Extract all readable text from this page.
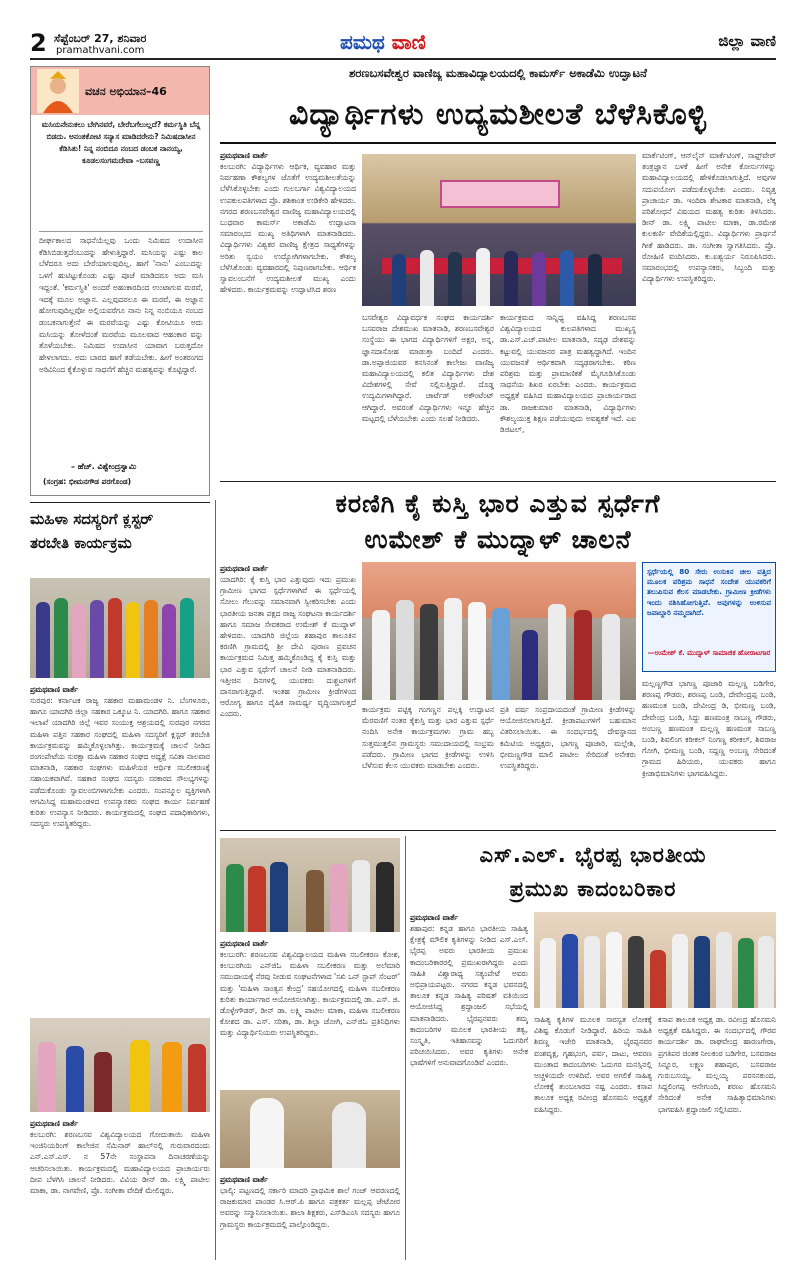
2 ಸೆಪ್ಟೆಂಬರ್ 27, ಶನಿವಾರ
pramathvani.com	ಪಮಥ ವಾಣಿ	ಜಿಲ್ಲಾ ವಾಣಿ
ವಚನ ಅಭಿಯಾನ–46
ಮಸಿಯನೇನುಕಲು ಬೇಗಿನವರೆ, ಬೇರೆಬಗೆಲುಲ್ಲದೆ? ಕರ್ಮಸ್ಥಿತಿ ಬೆನ್ನ ಬಿಡದು. ಅನಂತಕೋಟಿ ಸನ್ಯಾಸ ಮಾಡಿದರೇನು? ನಿಮಿಷದಾಸೀನ ಕೆಡಿಸಿತು! ನಿನ್ನ ನಂಬಿದೂ ನಂಬದ ಡಂಬಕ ನಾನಯ್ಯ, ಕೂಡಲಸಂಗಮದೇವಾ –ಬಸವಣ್ಣ
ದೀರ್ಘಕಾಲದ ಸಾಧನೆಯೆಲ್ಲವು ಒಂದು ನಿಮಿಷದ ಉದಾಸೀನ ಕೆಡಿಸಿಬಿಡುತ್ತದೆಂಬುದನ್ನು ಹೇಳುತ್ತಿದ್ದಾರೆ. ಮಸಿಯನ್ನು ಎಷ್ಟು ಕಾಲ ಬೆಳೆದರೂ ಅದು ಬೇರೆಯಾಗುವುದಿಲ್ಲ. ಹಾಗೆ 'ನಾನು' ಎಂಬುದನ್ನು ಒಳಗೆ ಹುಟಿಟ್ಟುಕೊಂಡು ಎಷ್ಟು ಪೂಜೆ ಮಾಡಿದರೂ ಅದು ಮಸಿ ಇದ್ದಂತೆ. 'ಕರ್ಮಸ್ಥಿತಿ' ಅಂದರೆ ಅಹಂಕಾರದಿಂದ ಉಂಟಾಗುವ ಮರವೆ, ಇದಕ್ಕೆ ಮೂಲ ಅಜ್ಞಾನ. ಎಲ್ಲವುದರಲೂ ಈ ಮರವೆ, ಈ ಅಜ್ಞಾನ ಹೋಗುವುದಿಲ್ಲವೋ ಅಲ್ಲಿಯವರೆಗೂ ನಾನು ನಿನ್ನ ನಂಬಿಯೂ ನಂಬದ ಡಂಬಕನಾಗುತ್ತೇನೆ ಈ ಮರವೆಯನ್ನು ಎಷ್ಟು ಕೋಟಿಯೂ ಅದು ಮಸಿಯನ್ನು ತೋಳೆದಂತೆ ಮರವೆಯ ಮೂಲವಾದ ಆಹಂಕಾರ ವನ್ನು ತೊಳೆಯಬೇಕು. ನಿಮಿಷದ ಉದಾಸೀನ ಯಾವಾಗ ಬರುತ್ತದೋ ಹೇಳಲಾಗದು. ಅದು ಬಾರದ ಹಾಗೆ ತಡೆಯಬೇಕು. ಹೀಗೆ ಅಂತರಂಗದ ಅರಿವಿನಿಂದ ಕೈಕೊಳ್ಳುವ ಸಾಧನೆಗೆ ಹೆಚ್ಚಿನ ಮಹತ್ವವನ್ನು ಕೊಟ್ಟಿದ್ದಾರೆ.
– ಹೆಚ್. ವಿಶ್ವೇಂದ್ರಸ್ವಾಮಿ
(ಸಂಗ್ರಹ: ಭೀಮನಗೌಡ ಪರಗೊಂಡ)
ಶರಣಬಸವೇಶ್ವರ ವಾಣಿಜ್ಯ ಮಹಾವಿದ್ಯಾಲಯದಲ್ಲಿ ಕಾಮರ್ಸ್ ಅಕಾಡೆಮಿ ಉದ್ಘಾಟನೆ
ವಿದ್ಯಾರ್ಥಿಗಳು ಉದ್ಯಮಶೀಲತೆ ಬೆಳೆಸಿಕೊಳ್ಳಿ
ಪ್ರಮಥವಾಣಿ ವಾರ್ತೆ
ಕಲಬುರಗಿ: ವಿದ್ಯಾರ್ಥಿಗಳು ಆರ್ಥಿಕ, ವ್ಯವಹಾರ ಮತ್ತು ನಿರ್ವಹಣಾ ಕೌಶಲ್ಯಗಳ ಜೊತೆಗೆ ಉದ್ಯಮಶೀಲತೆಯನ್ನು ಬೆಳೆಸಿಕೊಳ್ಳಬೇಕು ಎಂದು ಗುಲಬರ್ಗಾ ವಿಶ್ವವಿದ್ಯಾಲಯದ ಉಪಕುಲಪತಿಗಳಾದ ಪ್ರೊ. ಶಶಿಕಾಂತ ಉಡಿಕೇರಿ ಹೇಳಿದರು. ನಗರದ ಶರಣಬಸವೇಶ್ವರ ವಾಣಿಜ್ಯ ಮಹಾವಿದ್ಯಾಲಯದಲ್ಲಿ ಬುಧವಾರ ಕಾಮರ್ಸ್ ಅಕಾಡೆಮಿ ಉದ್ಘಾಟನಾ ಸಮಾರಂಭದ ಮುಖ್ಯ ಅತಿಥಿಗಳಾಗಿ ಮಾತನಾಡಿದರು. ವಿದ್ಯಾರ್ಥಿಗಳು ವಿಶ್ವಕರ ವಾಣಿಜ್ಯ ಕ್ಷೇತ್ರದ ಸಾಧ್ಯತೆಗಳನ್ನು ಅರಿತು ಸ್ವಯಂ ಉದ್ಯೋಗಿಗಳಾಗಬೇಕು. ಕೌಶಲ್ಯ ಬೆಳೆಸಿಕೊಂಡು ವ್ಯವಹಾರದಲ್ಲಿ ನಿಪುಣರಾಗಬೇಕು. ಆರ್ಥಿಕ ಸ್ವಾವಲಂಬನೆಗೆ ಉದ್ಯಮಶೀಲತೆ ಮುಖ್ಯ ಎಂದು ಹೇಳಿದರು. ಕಾರ್ಯಕ್ರಮವನ್ನು ಉದ್ಘಾಟಿಸಿದ ಶರಣ
ಬಸವೇಶ್ವರ ವಿದ್ಯಾವರ್ಧಕ ಸಂಘದ ಕಾರ್ಯದರ್ಶಿ ಬಸವರಾಜ ದೇಶಮುಖ ಮಾತನಾಡಿ, ಶರಣಬಸವೇಶ್ವರ ಸಂಸ್ಥೆಯು ಈ ಭಾಗದ ವಿದ್ಯಾರ್ಥಿಗಳಿಗೆ ಅಕ್ಷರ, ಅನ್ನ, ಜ್ಞಾನದಾಸೋಹ ಮಾಡುತ್ತಾ ಬಂದಿದೆ ಎಂದರು. ಡಾ.ಅಪ್ಪಾಜಿಯವರ ಕನಸಿನಂತೆ ಕಾಲೇಜು ವಾಣಿಜ್ಯ ಮಹಾವಿದ್ಯಾಲಯದಲ್ಲಿ ಕಲಿತ ವಿದ್ಯಾರ್ಥಿಗಳು ದೇಶ ವಿದೇಶಗಳಲ್ಲಿ ಸೇವೆ ಸಲ್ಲಿಸುತ್ತಿದ್ದಾರೆ. ದೊಡ್ಡ ಉದ್ಯಮಿಗಳಾಗಿದ್ದಾರೆ. ಚಾರ್ಟೆಡ್ ಅಕೌಂಟೆಂಟ್ ಆಗಿದ್ದಾರೆ. ಅವರಂತೆ ವಿದ್ಯಾರ್ಥಿಗಳು ಇನ್ನೂ ಹೆಚ್ಚಿನ ಮಟ್ಟದಲ್ಲಿ ಬೆಳೆಯಬೇಕು ಎಂದು ಸಲಹೆ ನೀಡಿದರು.
ಕಾರ್ಯಕ್ರಮದ ಸಾನ್ನಿಧ್ಯ ವಹಿಸಿದ್ದ ಶರಣಬಸವ ವಿಶ್ವವಿದ್ಯಾಲಯದ ಕುಲಪತಿಗಳಾದ ಮುಖ್ಯಸ್ಥ ಡಾ.ಎಸ್.ಎಚ್.ಪಾಟೀಲ ಮಾತನಾಡಿ, ಸದೃಢ ದೇಶವನ್ನು ಕಟ್ಟುವಲ್ಲಿ ಯುವಜನರ ಪಾತ್ರ ಮಹತ್ವದ್ದಾಗಿದೆ. ಇಂದಿನ ಯುವಜನತೆ ಆರ್ಥಿಕವಾಗಿ ಸದೃಢರಾಗಬೇಕು. ಕಠಿಣ ಪರಿಶ್ರಮ ಮತ್ತು ಪ್ರಾಮಾಣಿಕತೆ ಮೈಗೂಡಿಸಿಕೊಂಡು ಸಾಧನೆಯ ಶಿಖರ ಏರಬೇಕು ಎಂದರು. ಕಾರ್ಯಕ್ರಮದ ಅಧ್ಯಕ್ಷತೆ ವಹಿಸಿದ ಮಹಾವಿದ್ಯಾಲಯದ ಪ್ರಾಚಾರ್ಯರಾದ ಡಾ. ರಾಜಕುಮಾರ ಮಾತನಾಡಿ, ವಿದ್ಯಾರ್ಥಿಗಳು ಕೌಶಲ್ಯಯುಕ್ತ ಶಿಕ್ಷಣ ಪಡೆಯುವುದು ಅವಶ್ಯಕತೆ ಇದೆ. ಎಐ ಡಿಜಿಟಲ್,
ಮಾರ್ಕೆಟಿಂಗ್, ಆನ್‌ಲೈನ್ ಮಾರ್ಕೆಟಿಂಗ್, ಸಾಫ್ಟ್‌ವೇರ್ ತಂತ್ರಜ್ಞಾನ ಬಳಕೆ ಹೀಗೆ ಅನೇಕ ಕೋರ್ಸುಗಳನ್ನು ಮಹಾವಿದ್ಯಾಲಯದಲ್ಲಿ ಹೇಳಿಕೊಡಲಾಗುತ್ತಿದೆ. ಅವುಗಳ ಸದುಪಯೋಗ ಪಡೆದುಕೊಳ್ಳಬೇಕು ಎಂದರು. ನಿವೃತ್ತ ಪ್ರಾಚಾರ್ಯ ಡಾ. ಇಂದಿರಾ ಶೇಟಕಾರ ಮಾತನಾಡಿ, ಲೆಕ್ಕ ಪರಿಶೋಧನೆ ವಿಷಯದ ಮಹತ್ವ ಕುರಿತು ತಿಳಿಸಿದರು. ಡೀನ್ ಡಾ. ಲಕ್ಷ್ಮಿ ಪಾಟೀಲ ಮಾಕಾ, ಡಾ.ರಮೇಶ ಕುಲಕರ್ಣಿ ವೇದಿಕೆಯಲ್ಲಿದ್ದರು. ವಿದ್ಯಾರ್ಥಿಗಳು ಪ್ರಾರ್ಥನೆ ಗೀತೆ ಹಾಡಿದರು. ಡಾ. ಸಂಗೀತಾ ಸ್ವಾಗತಿಸಿದರು. ಪ್ರೊ. ರೋಹಿಣಿ ವಂದಿಸಿದರು. ಕು.ಐಶ್ವರ್ಯ ನಿರೂಪಿಸಿದರು. ಸಮಾರಂಭದಲ್ಲಿ ಉಪನ್ಯಾಸಕರು, ಸಿಬ್ಬಂದಿ ಮತ್ತು ವಿದ್ಯಾರ್ಥಿಗಳು ಉಪಸ್ಥಿತರಿದ್ದರು.
ಕರಣಿಗಿ ಕೈ ಕುಸ್ತಿ ಭಾರ ಎತ್ತುವ ಸ್ಪರ್ಧೆಗೆ
ಉಮೇಶ್ ಕೆ ಮುದ್ನಾಳ್ ಚಾಲನೆ
ಪ್ರಮಥವಾಣಿ ವಾರ್ತೆ
ಯಾದಗಿರಿ: ಕೈ ಕುಸ್ತಿ ಭಾರ ಎತ್ತುವುದು ಇದು ಪ್ರಮುಖ ಗ್ರಾಮೀಣ ಭಾಗದ ಸ್ಪರ್ಧೆಗಳಾಗಿವೆ ಈ ಸ್ಪರ್ಧೆಯಲ್ಲಿ ಸೋಲು ಗೆಲುವನ್ನು ಸಮಾನವಾಗಿ ಸ್ವೀಕರಿಸಬೇಕು ಎಂದು ಭಾರತೀಯ ಜನತಾ ಪಕ್ಷದ ರಾಜ್ಯ ಸಂಘಟನಾ ಕಾರ್ಯದರ್ಶಿ ಹಾಗೂ ಸಮಾಜ ಸೇವಕರಾದ ಉಮೇಶ್ ಕೆ ಮುದ್ನಾಳ್ ಹೇಳಿದರು. ಯಾದಗಿರಿ ಜಿಲ್ಲೆಯ ಶಹಾಪುರ ತಾಲೂಕಿನ ಕರಣಿಗಿ ಗ್ರಾಮದಲ್ಲಿ ಶ್ರೀ ದೇವಿ ಪುರಾಣ ಪ್ರವಚನ ಕಾರ್ಯಕ್ರಮದ ನಿಮಿತ್ತ ಹಮ್ಮಿಕೊಂಡಿದ್ದ ಕೈ ಕುಸ್ತಿ ಮತ್ತು ಭಾರ ಎತ್ತುವ ಸ್ಪರ್ಧೆಗೆ ಚಾಲನೆ ನೀಡಿ ಮಾತನಾಡಿದರು. ಇತ್ತೀಚಿನ ದಿನಗಳಲ್ಲಿ ಯುವಕರು ದುಶ್ಚಟಗಳಿಗೆ ದಾಸರಾಗುತ್ತಿದ್ದಾರೆ. ಇಂತಹ ಗ್ರಾಮೀಣ ಕ್ರೀಡೆಗಳಿಂದ ಆರೋಗ್ಯ ಹಾಗೂ ದೈಹಿಕ ಸಾಮರ್ಥ್ಯ ವೃದ್ಧಿಯಾಗುತ್ತದೆ ಎಂದರು.
ಸ್ಪರ್ಧೆಯಲ್ಲಿ 80 ಸೇರು ಉಸುಕಿನ ಚೀಲ ವತ್ತಿದ ಮೂಲಕ ಪರಿಶ್ರಮ ಸಾಧನೆ ಸಂದೇಶ ಯುವಕರಿಗೆ ತಲುಪಿಸುವ ಕೆಲಸ ಮಾಡಬೇಕು. ಗ್ರಾಮೀಣ ಕ್ರೀಡೆಗಳು ಇಂದು ನಶಿಸಿಹೋಗುತ್ತಿವೆ. ಅವುಗಳನ್ನು ಉಳಿಸುವ ಜವಾಬ್ದಾರಿ ನಮ್ಮದಾಗಿದೆ.
—ಉಮೇಶ್ ಕೆ. ಮುದ್ನಾಳ್ ಸಾಮಾಜಿಕ ಹೋರಾಟಗಾರ
ಕಾರ್ಯಕ್ರಮ ಪಟ್ಟಿಕ್ಕ ಗಂಗಣ್ಣನ ಪಲ್ಲಕ್ಕಿ ಉದ್ಘಾಟನ ಮೆರವಣಿಗೆ ನಂತರ ಕೈಕುಸ್ತಿ ಮತ್ತು ಭಾರ ಎತ್ತುವ ಸ್ಪರ್ಧೆ ನಂದಿಸಿ ಅನೇಕ ಕಾರ್ಯಕ್ರಮಗಳು ಗ್ರಾಮ ಹಬ್ಬ ಸುತ್ತಮುತ್ತಲಿನ ಗ್ರಾಮಸ್ಥರು ಸಮುದಾಯದಲ್ಲಿ ಸಂಭ್ರಮ ಪಡೆದರು. ಗ್ರಾಮೀಣ ಭಾಗದ ಕ್ರೀಡೆಗಳನ್ನು ಉಳಿಸಿ ಬೆಳೆಸುವ ಕೆಲಸ ಯುವಕರು ಮಾಡಬೇಕು ಎಂದರು.
ಪ್ರತಿ ವರ್ಷ ಸಂಪ್ರದಾಯದಂತೆ ಗ್ರಾಮೀಣ ಕ್ರೀಡೆಗಳನ್ನು ಆಯೋಜಿಸಲಾಗುತ್ತಿದೆ. ಕ್ರೀಡಾಪಟುಗಳಿಗೆ ಬಹುಮಾನ ವಿತರಿಸಲಾಯಿತು. ಈ ಸಂದರ್ಭದಲ್ಲಿ ದೇವಸ್ಥಾನದ ಕಮಿಟಿಯ ಅಧ್ಯಕ್ಷರು, ಭಾಗಣ್ಣ ಪೂಜಾರಿ, ಮಲ್ಲೇಶಿ, ಭೀಮಣ್ಣಗೌಡ ಮಾಲಿ ಪಾಟೀಲ ಸೇರಿದಂತೆ ಅನೇಕರು ಉಪಸ್ಥಿತರಿದ್ದರು.
ಮಲ್ಲಣ್ಣಗೌಡ ಭಾಗಣ್ಣ ಪೂಜಾರಿ ಮಲ್ಲಣ್ಣ ಬಡಿಗೇರ, ಶರಣಪ್ಪ ಗೌಡರು, ಶರಣಪ್ಪ ಬಂಡಿ, ದೇವೇಂದ್ರಪ್ಪ ಬಂಡಿ, ಹಣಮಂತ ಬಂಡಿ, ದೇವೀಂದ್ರ ಡಿ, ಭೀಮಣ್ಣ ಬಂಡಿ, ದೇವೇಂದ್ರ ಬಂಡಿ, ಸಿದ್ದು ಹಣಮಂತ್ರ ಸಾಬಣ್ಣ ಗೌಡರು, ಅಂಬಣ್ಣ ಹಣಮಂತ ಮಲ್ಲಣ್ಣ ಹಣಮಂತ ಸಾಬಣ್ಣ ಬಂಡಿ, ಶಿವಲಿಂಗ ಕರೀಕಲ್ ನಿಂಗಣ್ಣ ಕರೀಕಲ್, ಶಿವರಾಜ ಗೋಗಿ, ಭೀಮಣ್ಣ ಬಂಡಿ, ಸದ್ದಣ್ಣ ಅಂಬಣ್ಣ ಸೇರಿದಂತೆ ಗ್ರಾಮದ ಹಿರಿಯರು, ಯುವಕರು ಹಾಗೂ ಕ್ರೀಡಾಭಿಮಾನಿಗಳು ಭಾಗವಹಿಸಿದ್ದರು.
ಮಹಿಳಾ ಸದಸ್ಯರಿಗೆ ಕ್ಲಸ್ಟರ್
ತರಬೇತಿ ಕಾರ್ಯಕ್ರಮ
ಪ್ರಮಥವಾಣಿ ವಾರ್ತೆ
ಸುರಪುರ: ಕರ್ನಾಟಕ ರಾಜ್ಯ ಸಹಕಾರ ಮಹಾಮಂಡಳ ನಿ. ಬೆಂಗಳೂರು, ಹಾಗೂ ಯಾದಗಿರಿ ಜಿಲ್ಲಾ ಸಹಕಾರ ಒಕ್ಕೂಟ ನಿ. ಯಾದಗಿರಿ. ಹಾಗೂ ಸಹಕಾರ ಇಲಾಖೆ ಯಾದಗಿರಿ ಜಿಲ್ಲೆ ಇವರ ಸಂಯುಕ್ತ ಆಶ್ರಯದಲ್ಲಿ ಸುರಪುರ ನಗರದ ಮಹಿಳಾ ಪತ್ತಿನ ಸಹಕಾರ ಸಂಘದಲ್ಲಿ ಮಹಿಳಾ ಸದಸ್ಯರಿಗೆ ಕ್ಲಸ್ಟರ್ ತರಬೇತಿ ಕಾರ್ಯಕ್ರಮವನ್ನು ಹಮ್ಮಿಕೊಳ್ಳಲಾಗಿತ್ತು. ಕಾರ್ಯಕ್ರಮಕ್ಕೆ ಚಾಲನೆ ನೀಡಿದ ರಂಗಂಪೇಟೆಯ ಸುರಕ್ಷಾ ಮಹಿಳಾ ಸಹಕಾರ ಸಂಘದ ಅಧ್ಯಕ್ಷೆ ಸವಿತಾ ನಾಲವಾರ ಮಾತನಾಡಿ, ಸಹಕಾರ ಸಂಘಗಳು ಮಹಿಳೆಯರ ಆರ್ಥಿಕ ಸಬಲೀಕರಣಕ್ಕೆ ಸಹಾಯಕವಾಗಿವೆ. ಸಹಕಾರ ಸಂಘದ ಸದಸ್ಯರು ಸರಕಾರದ ಸೌಲಭ್ಯಗಳನ್ನು ಪಡೆದುಕೊಂಡು ಸ್ವಾವಲಂಬಿಗಳಾಗಬೇಕು ಎಂದರು. ಸಂಪನ್ಮೂಲ ವ್ಯಕ್ತಿಗಳಾಗಿ ಆಗಮಿಸಿದ್ದ ಮಹಾಮಂಡಳದ ಉಪನ್ಯಾಸಕರು ಸಂಘದ ಕಾರ್ಯ ನಿರ್ವಹಣೆ ಕುರಿತು ಉಪನ್ಯಾಸ ನೀಡಿದರು. ಕಾರ್ಯಕ್ರಮದಲ್ಲಿ ಸಂಘದ ಪದಾಧಿಕಾರಿಗಳು, ಸದಸ್ಯರು ಉಪಸ್ಥಿತರಿದ್ದರು.
ಪ್ರಮಥವಾಣಿ ವಾರ್ತೆ
ಕಲಬುರಗಿ: ಶರಣಬಸವ ವಿಶ್ವವಿದ್ಯಾಲಯದ ಗೋದುತಾಯಿ ಮಹಿಳಾ ಇಂಜಿನಿಯರಿಂಗ್ ಕಾಲೇಜಿನ ಸೆಮಿನಾರ್ ಹಾಲ್‌ನಲ್ಲಿ ಗುರುವಾರದಂದು ಎನ್.ಎಸ್.ಎಸ್. ನ 57ನೇ ಸಂಸ್ಥಾಪನಾ ದಿನಾಚರಣೆಯನ್ನು ಆಚರಿಸಲಾಯಿತು. ಕಾರ್ಯಕ್ರಮದಲ್ಲಿ ಮಹಾವಿದ್ಯಾಲಯದ ಪ್ರಾಚಾರ್ಯರು ದೀಪ ಬೆಳಗಿಸಿ ಚಾಲನೆ ನೀಡಿದರು. ವಿವಿಯ ಡೀನ್ ಡಾ. ಲಕ್ಷ್ಮಿ ಪಾಟೀಲ ಮಾಕಾ, ಡಾ. ನಾಗವೇಣಿ, ಪ್ರೊ. ಸಂಗೀತಾ ವೇದಿಕೆ ಮೇಲಿದ್ದರು.
ಪ್ರಮಥವಾಣಿ ವಾರ್ತೆ
ಕಲಬುರಗಿ: ಶರಣಬಸವ ವಿಶ್ವವಿದ್ಯಾಲಯದ ಮಹಿಳಾ ಸಬಲೀಕರಣ ಕೋಶ, ಕಲಬುರಗಿಯ ಎನ್‌ಜಿಓ ಮಹಿಳಾ ಸಬಲೀಕರಣ ಮತ್ತು ಅಲೆಮಾರಿ ಸಮುದಾಯಕ್ಕೆ ನೆರವು ನೀಡುವ ಸಂಘಟನೆಗಳಾದ 'ಸಖಿ ಒನ್ ಸ್ಟಾಪ್ ಸೆಂಟರ್' ಮತ್ತು 'ಮಹಿಳಾ ಸಾಂತ್ವನ ಕೇಂದ್ರ' ಸಹಯೋಗದಲ್ಲಿ ಮಹಿಳಾ ಸಬಲೀಕರಣ ಕುರಿತು ಕಾರ್ಯಾಗಾರ ಆಯೋಜಿಸಲಾಗಿತ್ತು. ಕಾರ್ಯಕ್ರಮದಲ್ಲಿ ಡಾ. ಎಸ್. ಜಿ. ಡೊಳ್ಳೇಗೌಡರ್, ಡೀನ್ ಡಾ. ಲಕ್ಷ್ಮಿ ಪಾಟೀಲ ಮಾಕಾ, ಮಹಿಳಾ ಸಬಲೀಕರಣ ಕೋಶದ ಡಾ. ಎಸ್. ಸರಿತಾ, ಡಾ. ಶಿಲ್ಪಾ ಜೋಗಿ, ಎನ್‌ಜಿಓ ಪ್ರತಿನಿಧಿಗಳು ಮತ್ತು ವಿದ್ಯಾರ್ಥಿನಿಯರು ಉಪಸ್ಥಿತರಿದ್ದರು.
ಪ್ರಮಥವಾಣಿ ವಾರ್ತೆ
ಭಾಲ್ಕಿ: ಪಟ್ಟಣದಲ್ಲಿ ಸರ್ಕಾರಿ ಮಾದರಿ ಪ್ರಾಥಮಿಕ ಶಾಲೆ ಗಂಜ್ ಆವರಣದಲ್ಲಿ ರಾಜಕುಮಾರ ಪಾಂಡರ ಸಿ.ಆರ್.ಪಿ ಹಾಗೂ ಪತ್ರಕರ್ತ ಮಲ್ಲಪ್ಪ ಜೇಟೋರ ಅವರನ್ನು ಸನ್ಮಾನಿಸಲಾಯಿತು. ಶಾಲಾ ಶಿಕ್ಷಕರು, ಎಸ್‌ಡಿಎಂಸಿ ಸದಸ್ಯರು ಹಾಗೂ ಗ್ರಾಮಸ್ಥರು ಕಾರ್ಯಕ್ರಮದಲ್ಲಿ ಪಾಲ್ಗೊಂಡಿದ್ದರು.
ಎಸ್.ಎಲ್. ಭೈರಪ್ಪ ಭಾರತೀಯ
ಪ್ರಮುಖ ಕಾದಂಬರಿಕಾರ
ಪ್ರಮಥವಾಣಿ ವಾರ್ತೆ
ಶಹಾಪುರ: ಕನ್ನಡ ಹಾಗೂ ಭಾರತೀಯ ಸಾಹಿತ್ಯ ಕ್ಷೇತ್ರಕ್ಕೆ ಮೌಲಿಕ ಕೃತಿಗಳನ್ನು ನೀಡಿದ ಎಸ್.ಎಲ್. ಭೈರಪ್ಪ ಅವರು ಭಾರತೀಯ ಪ್ರಮುಖ ಕಾದಂಬರಿಕಾರರಲ್ಲಿ ಪ್ರಮುಖರಾಗಿದ್ದರು ಎಂದು ಸಾಹಿತಿ ವಿಶ್ವಾರಾಧ್ಯ ಸತ್ಯಂಪೇಟೆ ಅವರು ಅಭಿಪ್ರಾಯಪಟ್ಟರು. ನಗರದ ಕನ್ನಡ ಭವನದಲ್ಲಿ ತಾಲೂಕ ಕನ್ನಡ ಸಾಹಿತ್ಯ ಪರಿಷತ್ ವತಿಯಿಂದ ಆಯೋಜಿಸಿದ್ದ ಶ್ರದ್ಧಾಂಜಲಿ ಸಭೆಯಲ್ಲಿ ಮಾತನಾಡಿದರು. ಭೈರಪ್ಪನವರು ತಮ್ಮ ಕಾದಂಬರಿಗಳ ಮೂಲಕ ಭಾರತೀಯ ತತ್ವ, ಸಂಸ್ಕೃತಿ, ಇತಿಹಾಸವನ್ನು ಓದುಗರಿಗೆ ಪರಿಚಯಿಸಿದರು. ಅವರ ಕೃತಿಗಳು ಅನೇಕ ಭಾಷೆಗಳಿಗೆ ಅನುವಾದಗೊಂಡಿವೆ ಎಂದರು.
ಸಾಹಿತ್ಯ ಕೃತಿಗಳ ಮೂಲಕ ಸಾರಸ್ವತ ಲೋಕಕ್ಕೆ ವಿಶಿಷ್ಟ ಕೊಡುಗೆ ನೀಡಿದ್ದಾರೆ. ಹಿರಿಯ ಸಾಹಿತಿ ಶಿವಣ್ಣ ಇಜೇರಿ ಮಾತನಾಡಿ, ಭೈರಪ್ಪನವರ ವಂಶವೃಕ್ಷ, ಗೃಹಭಂಗ, ಪರ್ವ, ದಾಟು, ಆವರಣ ಮುಂತಾದ ಕಾದಂಬರಿಗಳು ಓದುಗರ ಮನಸ್ಸಿನಲ್ಲಿ ಅಚ್ಚಳಿಯದೇ ಉಳಿದಿವೆ. ಅವರ ಅಗಲಿಕೆ ಸಾಹಿತ್ಯ ಲೋಕಕ್ಕೆ ತುಂಬಲಾರದ ನಷ್ಟ ಎಂದರು. ಕಸಾಪ ತಾಲೂಕ ಅಧ್ಯಕ್ಷ ರವೀಂದ್ರ ಹೊಸಮನಿ ಅಧ್ಯಕ್ಷತೆ ವಹಿಸಿದ್ದರು.
ಕಸಾಪ ತಾಲೂಕ ಅಧ್ಯಕ್ಷ ಡಾ. ರವೀಂದ್ರ ಹೊಸಮನಿ ಅಧ್ಯಕ್ಷತೆ ವಹಿಸಿದ್ದರು. ಈ ಸಂದರ್ಭದಲ್ಲಿ ಗೌರವ ಕಾರ್ಯದರ್ಶಿ ಡಾ. ರಾಘವೇಂದ್ರ ಹಾರಣಗೇರಾ, ಪ್ರಗತಿಪರ ಚಿಂತಕ ನೀಲಕಂಠ ಬಡಿಗೇರ, ಬಸವರಾಜ ಸಿನ್ನೂರ, ಲಕ್ಷ್ಮಣ ಶಹಾಪುರ, ಬಸವರಾಜ ಗುರುಬಸಯ್ಯ, ಮಲ್ಲಯ್ಯ ಪರಸನಕುಂದ, ಸಿದ್ದಲಿಂಗಪ್ಪ ಆನೇಗುಂದಿ, ಶರಣು ಹೊಸಮನಿ ಸೇರಿದಂತೆ ಅನೇಕ ಸಾಹಿತ್ಯಾಭಿಮಾನಿಗಳು ಭಾಗವಹಿಸಿ ಶ್ರದ್ಧಾಂಜಲಿ ಸಲ್ಲಿಸಿದರು.
